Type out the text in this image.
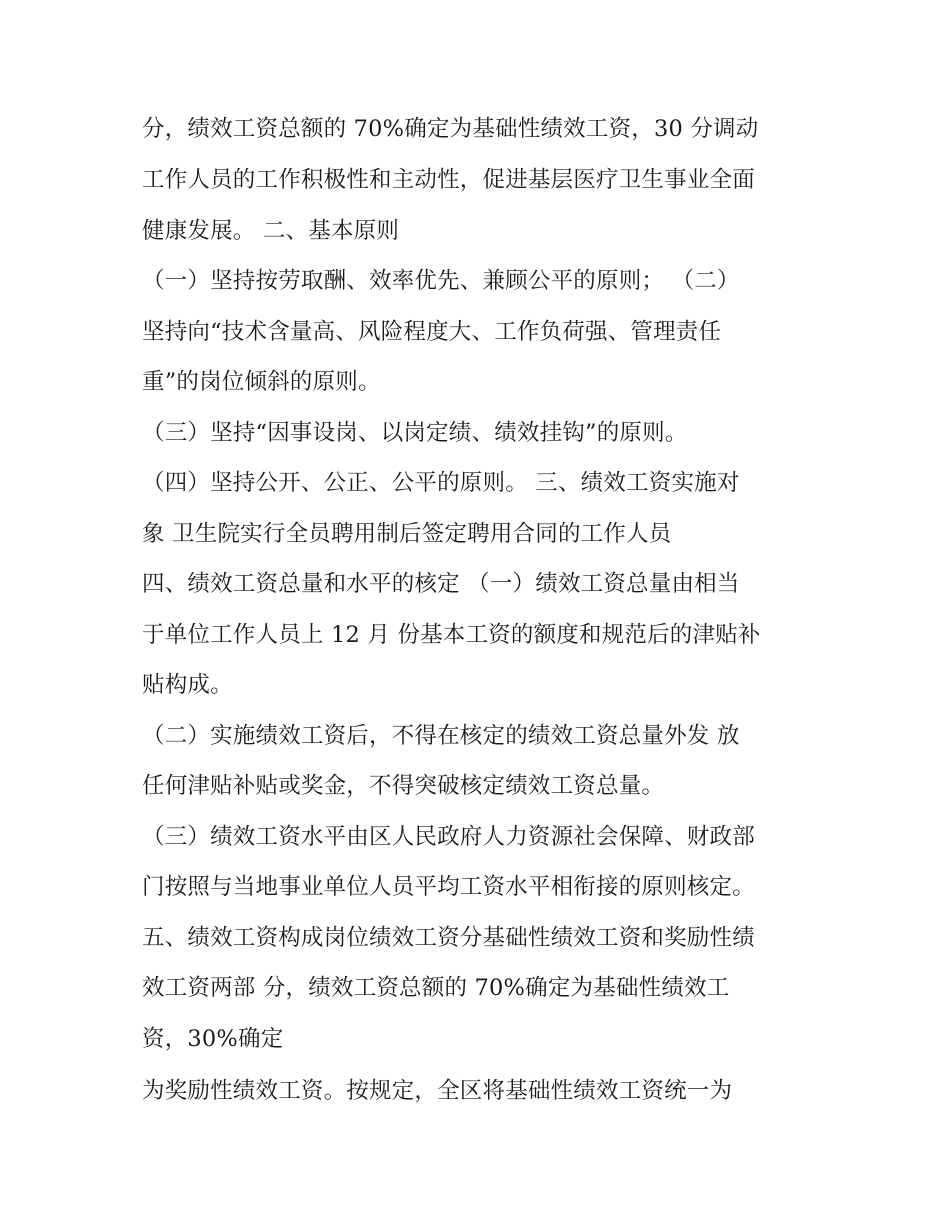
分，绩效工资总额的 70%确定为基础性绩效工资，30 分调动
工作人员的工作积极性和主动性，促进基层医疗卫生事业全面
健康发展。 二、基本原则
（一）坚持按劳取酬、效率优先、兼顾公平的原则； （二）
坚持向“技术含量高、风险程度大、工作负荷强、管理责任
重”的岗位倾斜的原则。
（三）坚持“因事设岗、以岗定绩、绩效挂钩”的原则。
（四）坚持公开、公正、公平的原则。 三、绩效工资实施对
象 卫生院实行全员聘用制后签定聘用合同的工作人员
四、绩效工资总量和水平的核定 （一）绩效工资总量由相当
于单位工作人员上 12 月 份基本工资的额度和规范后的津贴补
贴构成。
（二）实施绩效工资后，不得在核定的绩效工资总量外发 放
任何津贴补贴或奖金，不得突破核定绩效工资总量。
（三）绩效工资水平由区人民政府人力资源社会保障、财政部
门按照与当地事业单位人员平均工资水平相衔接的原则核定。
五、绩效工资构成岗位绩效工资分基础性绩效工资和奖励性绩
效工资两部 分，绩效工资总额的 70%确定为基础性绩效工
资，30%确定
为奖励性绩效工资。按规定，全区将基础性绩效工资统一为
